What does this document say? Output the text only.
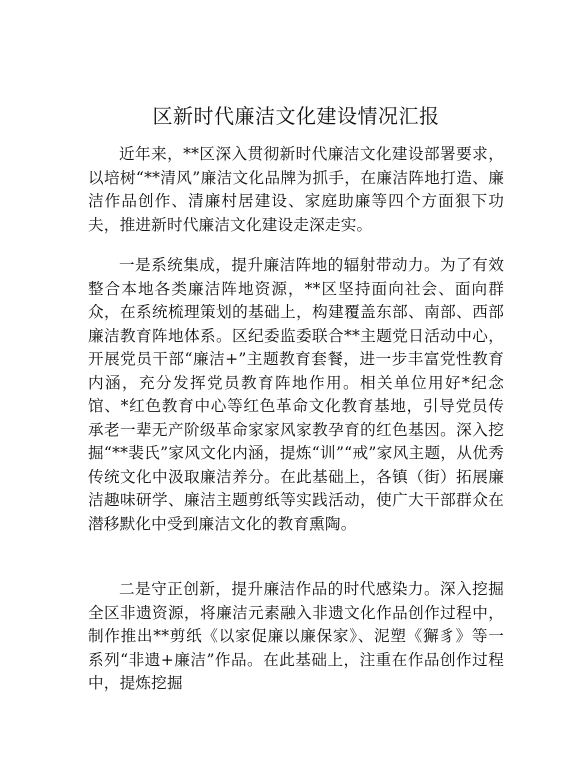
区新时代廉洁文化建设情况汇报

近年来，**区深入贯彻新时代廉洁文化建设部署要求，以培树“**清风”廉洁文化品牌为抓手，在廉洁阵地打造、廉洁作品创作、清廉村居建设、家庭助廉等四个方面狠下功夫，推进新时代廉洁文化建设走深走实。

一是系统集成，提升廉洁阵地的辐射带动力。为了有效整合本地各类廉洁阵地资源，**区坚持面向社会、面向群众，在系统梳理策划的基础上，构建覆盖东部、南部、西部廉洁教育阵地体系。区纪委监委联合**主题党日活动中心，开展党员干部“廉洁+”主题教育套餐，进一步丰富党性教育内涵，充分发挥党员教育阵地作用。相关单位用好*纪念馆、*红色教育中心等红色革命文化教育基地，引导党员传承老一辈无产阶级革命家家风家教孕育的红色基因。深入挖掘“**裴氏”家风文化内涵，提炼“训”“戒”家风主题，从优秀传统文化中汲取廉洁养分。在此基础上，各镇（街）拓展廉洁趣味研学、廉洁主题剪纸等实践活动，使广大干部群众在潜移默化中受到廉洁文化的教育熏陶。

二是守正创新，提升廉洁作品的时代感染力。深入挖掘全区非遗资源，将廉洁元素融入非遗文化作品创作过程中，制作推出**剪纸《以家促廉以廉保家》、泥塑《獬豸》等一系列“非遗+廉洁”作品。在此基础上，注重在作品创作过程中，提炼挖掘
